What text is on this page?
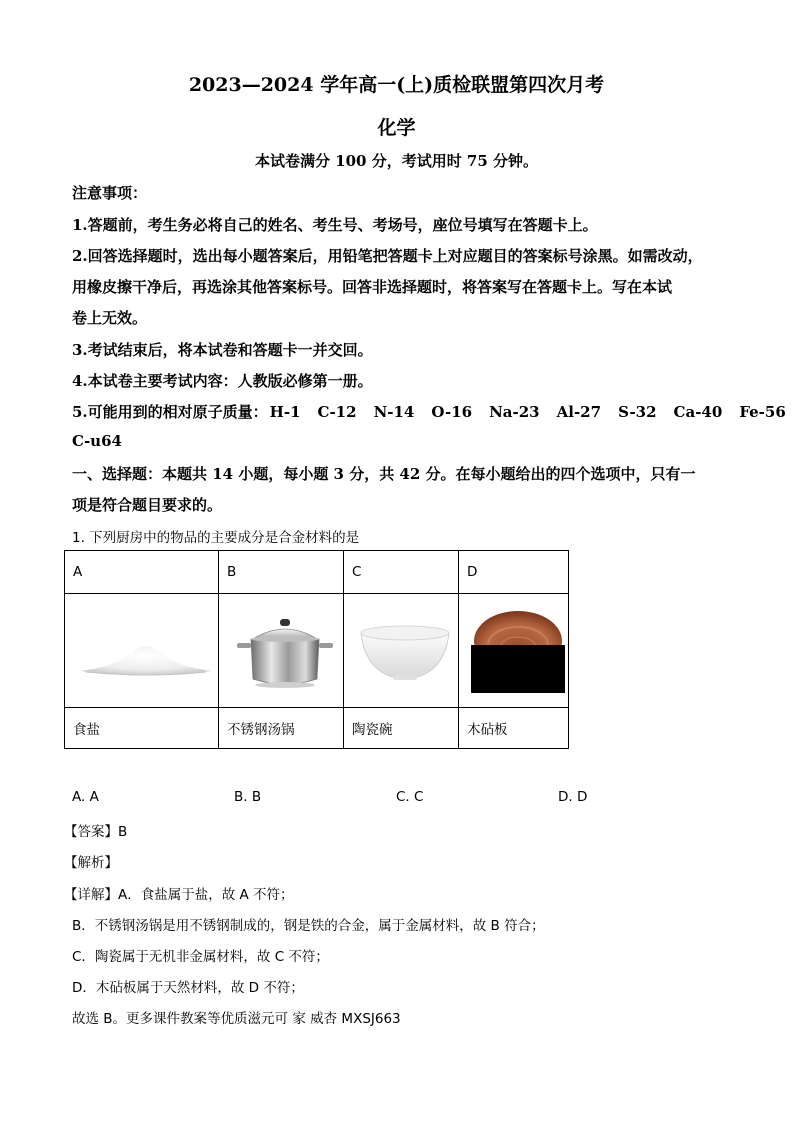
2023—2024 学年高一(上)质检联盟第四次月考
化学
本试卷满分 100 分，考试用时 75 分钟。
注意事项：
1.答题前，考生务必将自己的姓名、考生号、考场号，座位号填写在答题卡上。
2.回答选择题时，选出每小题答案后，用铅笔把答题卡上对应题目的答案标号涂黑。如需改动，
用橡皮擦干净后，再选涂其他答案标号。回答非选择题时，将答案写在答题卡上。写在本试
卷上无效。
3.考试结束后，将本试卷和答题卡一并交回。
4.本试卷主要考试内容：人教版必修第一册。
5.可能用到的相对原子质量： H-1 C-12 N-14 O-16 Na-23 Al-27 S-32 Ca-40 Fe-56
C-u64
一、选择题：本题共 14 小题，每小题 3 分，共 42 分。在每小题给出的四个选项中，只有一
项是符合题目要求的。
1. 下列厨房中的物品的主要成分是合金材料的是
A	B	C	D

食盐	不锈钢汤锅	陶瓷碗	木砧板
A. A	B. B	C. C	D. D
【答案】B
【解析】
【详解】A．食盐属于盐，故 A 不符；
B．不锈钢汤锅是用不锈钢制成的，钢是铁的合金，属于金属材料，故 B 符合；
C．陶瓷属于无机非金属材料，故 C 不符；
D．木砧板属于天然材料，故 D 不符；
故选 B。更多课件教案等优质滋元可 家 威杏 MXSJ663
